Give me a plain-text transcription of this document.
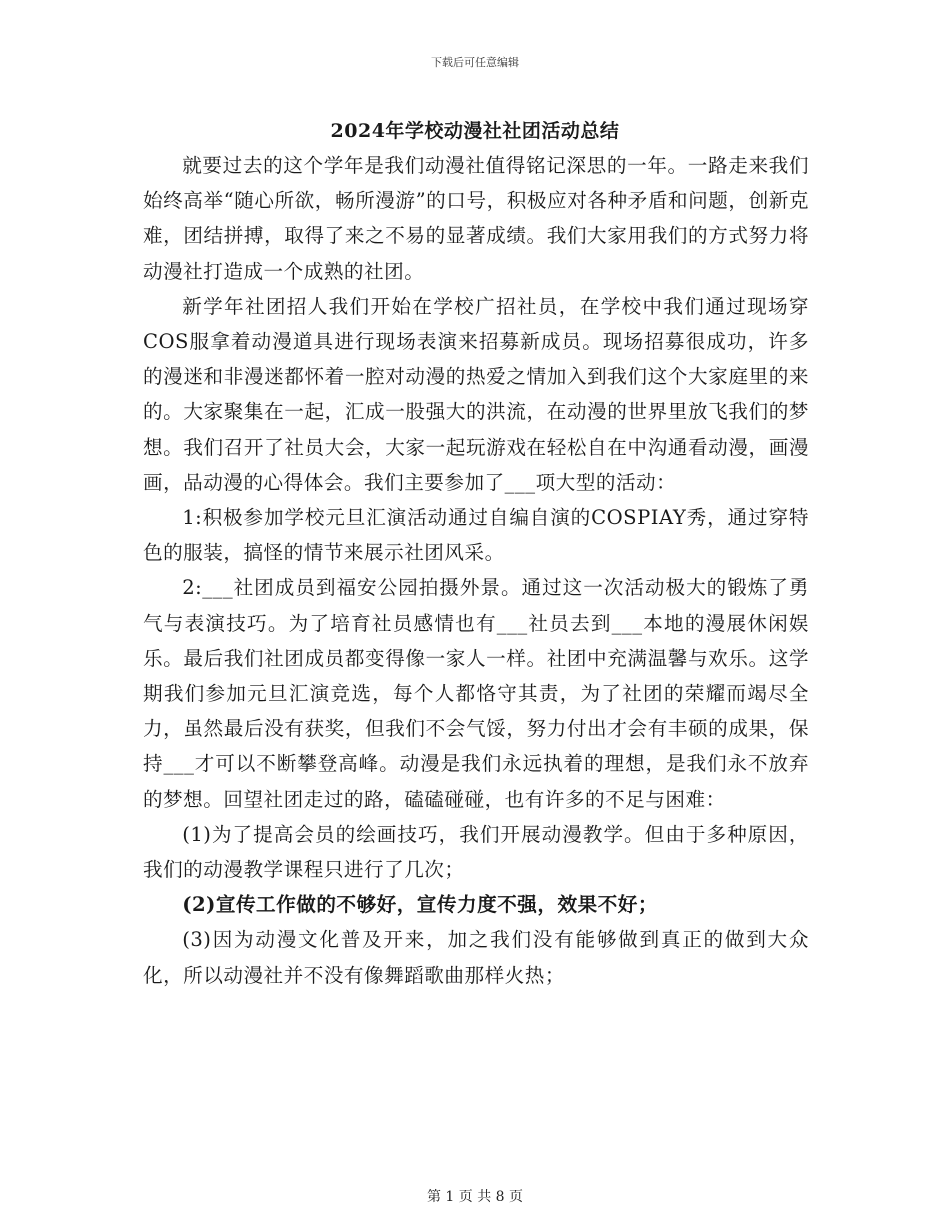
下载后可任意编辑
2024年学校动漫社社团活动总结

就要过去的这个学年是我们动漫社值得铭记深思的一年。一路走来我们始终高举“随心所欲，畅所漫游”的口号，积极应对各种矛盾和问题，创新克难，团结拼搏，取得了来之不易的显著成绩。我们大家用我们的方式努力将动漫社打造成一个成熟的社团。

新学年社团招人我们开始在学校广招社员，在学校中我们通过现场穿COS服拿着动漫道具进行现场表演来招募新成员。现场招募很成功，许多的漫迷和非漫迷都怀着一腔对动漫的热爱之情加入到我们这个大家庭里的来的。大家聚集在一起，汇成一股强大的洪流，在动漫的世界里放飞我们的梦想。我们召开了社员大会，大家一起玩游戏在轻松自在中沟通看动漫，画漫画，品动漫的心得体会。我们主要参加了___项大型的活动：

1:积极参加学校元旦汇演活动通过自编自演的COSPIAY秀，通过穿特色的服装，搞怪的情节来展示社团风采。

2:___社团成员到福安公园拍摄外景。通过这一次活动极大的锻炼了勇气与表演技巧。为了培育社员感情也有___社员去到___本地的漫展休闲娱乐。最后我们社团成员都变得像一家人一样。社团中充满温馨与欢乐。这学期我们参加元旦汇演竞选，每个人都恪守其责，为了社团的荣耀而竭尽全力，虽然最后没有获奖，但我们不会气馁，努力付出才会有丰硕的成果，保持___才可以不断攀登高峰。动漫是我们永远执着的理想，是我们永不放弃的梦想。回望社团走过的路，磕磕碰碰，也有许多的不足与困难：

(1)为了提高会员的绘画技巧，我们开展动漫教学。但由于多种原因，我们的动漫教学课程只进行了几次；

(2)宣传工作做的不够好，宣传力度不强，效果不好；

(3)因为动漫文化普及开来，加之我们没有能够做到真正的做到大众化，所以动漫社并不没有像舞蹈歌曲那样火热；

第 1 页 共 8 页
